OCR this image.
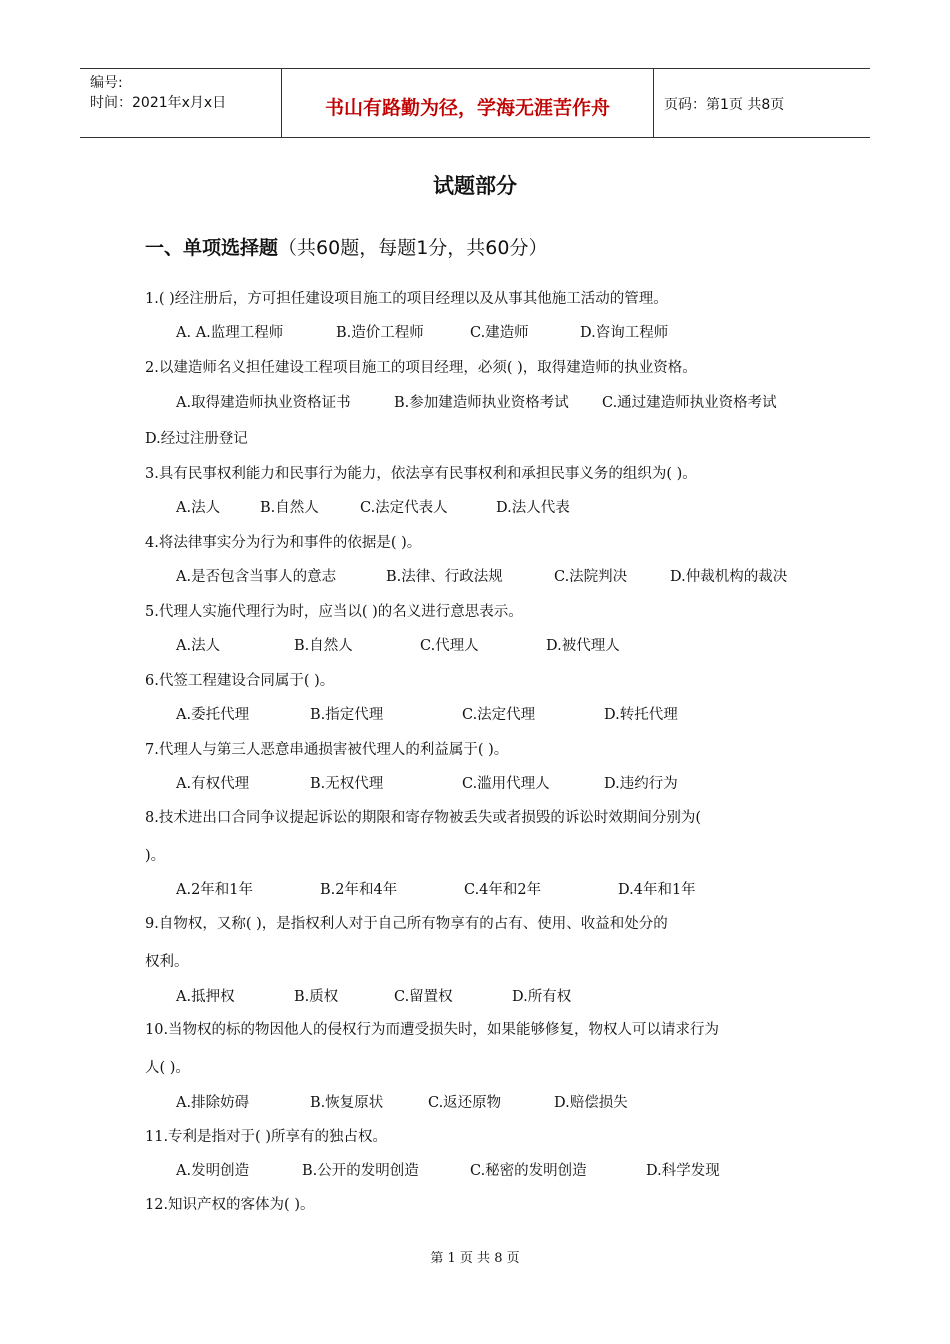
编号:
时间：2021年x月x日	书山有路勤为径，学海无涯苦作舟	页码：第1页 共8页
试题部分
一、单项选择题（共60题，每题1分，共60分）
1.( )经注册后，方可担任建设项目施工的项目经理以及从事其他施工活动的管理。
A. A.监理工程师	B.造价工程师	C.建造师	D.咨询工程师
2.以建造师名义担任建设工程项目施工的项目经理，必须( )，取得建造师的执业资格。
A.取得建造师执业资格证书	B.参加建造师执业资格考试 C.通过建造师执业资格考试
D.经过注册登记
3.具有民事权利能力和民事行为能力，依法享有民事权利和承担民事义务的组织为( )。
A.法人	B.自然人	C.法定代表人	D.法人代表
4.将法律事实分为行为和事件的依据是( )。
A.是否包含当事人的意志	B.法律、行政法规	C.法院判决	D.仲裁机构的裁决
5.代理人实施代理行为时，应当以( )的名义进行意思表示。
A.法人	B.自然人	C.代理人	D.被代理人
6.代签工程建设合同属于( )。
A.委托代理	B.指定代理	C.法定代理	D.转托代理
7.代理人与第三人恶意串通损害被代理人的利益属于( )。
A.有权代理	B.无权代理	C.滥用代理人	D.违约行为
8.技术进出口合同争议提起诉讼的期限和寄存物被丢失或者损毁的诉讼时效期间分别为(
)。
A.2年和1年	B.2年和4年	C.4年和2年	D.4年和1年
9.自物权，又称( )，是指权利人对于自己所有物享有的占有、使用、收益和处分的
权利。
A.抵押权	B.质权	C.留置权	D.所有权
10.当物权的标的物因他人的侵权行为而遭受损失时，如果能够修复，物权人可以请求行为
人( )。
A.排除妨碍	B.恢复原状	C.返还原物	D.赔偿损失
11.专利是指对于( )所享有的独占权。
A.发明创造	B.公开的发明创造	C.秘密的发明创造	D.科学发现
12.知识产权的客体为( )。
第 1 页 共 8 页
